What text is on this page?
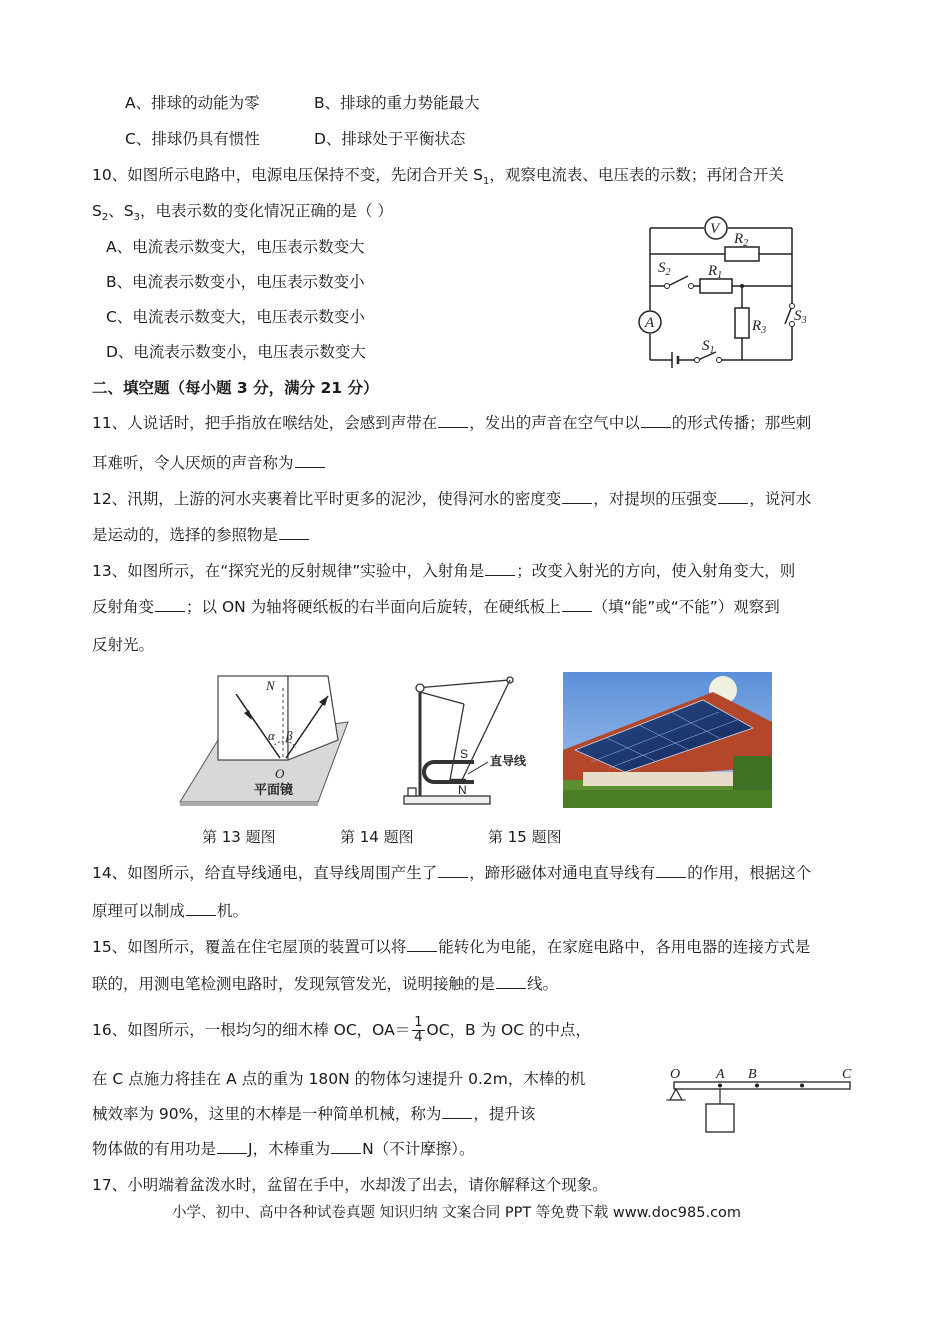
A、排球的动能为零	B、排球的重力势能最大
C、排球仍具有惯性	D、排球处于平衡状态
10、如图所示电路中，电源电压保持不变，先闭合开关 $S_1$，观察电流表、电压表的示数；再闭合开关
$S_2$、$S_3$，电表示数的变化情况正确的是（ ）
A、电流表示数变大，电压表示数变大
B、电流表示数变小，电压表示数变小
C、电流表示数变大，电压表示数变小
D、电流表示数变小，电压表示数变大
V
A
$R_2$
$R_1$
$R_3$
$S_2$
$S_1$
$S_3$
二、填空题（每小题 3 分，满分 21 分）
11、人说话时，把手指放在喉结处，会感到声带在 ，发出的声音在空气中以 的形式传播；那些刺
耳难听，令人厌烦的声音称为
12、汛期，上游的河水夹裹着比平时更多的泥沙，使得河水的密度变 ，对提坝的压强变 ，说河水
是运动的，选择的参照物是
13、如图所示，在“探究光的反射规律”实验中，入射角是 ；改变入射光的方向，使入射角变大，则
反射角变 ；以 ON 为轴将硬纸板的右半面向后旋转，在硬纸板上 （填“能”或“不能”）观察到
反射光。
N
O
α β
平面镜
S
N
直导线
第 13 题图	第 14 题图	第 15 题图
14、如图所示，给直导线通电，直导线周围产生了 ，蹄形磁体对通电直导线有 的作用，根据这个
原理可以制成 机。
15、如图所示，覆盖在住宅屋顶的装置可以将 能转化为电能，在家庭电路中，各用电器的连接方式是
联的，用测电笔检测电路时，发现氖管发光，说明接触的是 线。
16、如图所示，一根均匀的细木棒 OC，$OA= \frac{1}{4}$ OC，B 为 OC 的中点，
在 C 点施力将挂在 A 点的重为 180N 的物体匀速提升 0.2m，木棒的机
械效率为 90%，这里的木棒是一种简单机械，称为 ，提升该
物体做的有用功是 J，木棒重为 N（不计摩擦）。
O	A B	C
17、小明端着盆泼水时，盆留在手中，水却泼了出去，请你解释这个现象。
小学、初中、高中各种试卷真题 知识归纳 文案合同 PPT 等免费下载 www.doc985.com
